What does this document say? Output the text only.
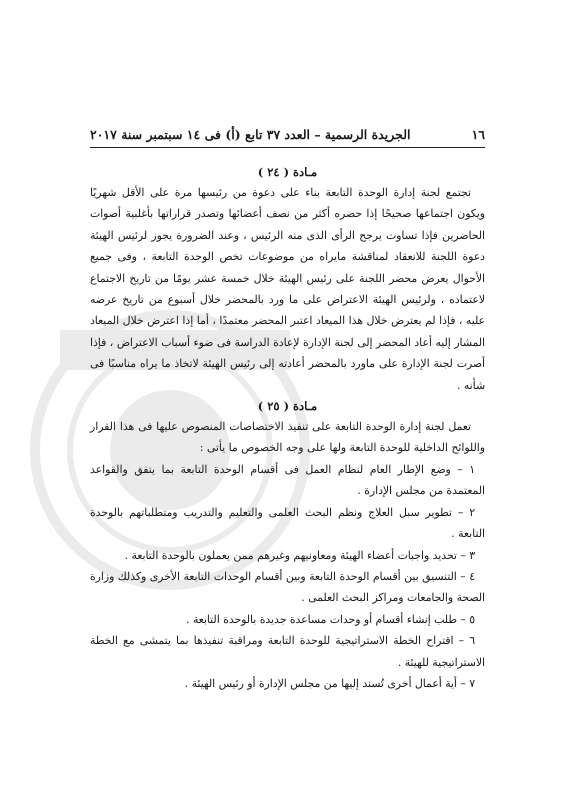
١٦
الجريدة الرسمية – العدد ٣٧ تابع (أ) فى ١٤ سبتمبر سنة ٢٠١٧
مـادة ( ٢٤ )

تجتمع لجنة إدارة الوحدة التابعة بناء على دعوة من رئيسها مرة على الأقل شهريًا ويكون اجتماعها صحيحًا إذا حضره أكثر من نصف أعضائها وتصدر قراراتها بأغلبية أصوات الحاضرين فإذا تساوت يرجح الرأى الذى منه الرئيس ، وعند الضرورة يجوز لرئيس الهيئة دعوة اللجنة للانعقاد لمناقشة مايراه من موضوعات تخص الوحدة التابعة ، وفى جميع الأحوال يعرض محضر اللجنة على رئيس الهيئة خلال خمسة عشر يومًا من تاريخ الاجتماع لاعتماده ، ولرئيس الهيئة الاعتراض على ما ورد بالمحضر خلال أسبوع من تاريخ عرضه عليه ، فإذا لم يعترض خلال هذا الميعاد اعتبر المحضر معتمدًا ، أما إذا اعترض خلال الميعاد المشار إليه أعاد المحضر إلى لجنة الإدارة لإعادة الدراسة فى ضوء أسباب الاعتراض ، فإذا أصرت لجنة الإدارة على ماورد بالمحضر أعادته إلى رئيس الهيئة لاتخاذ ما يراه مناسبًا فى شأنه .

مـادة ( ٢٥ )

تعمل لجنة إدارة الوحدة التابعة على تنفيذ الاختصاصات المنصوص عليها فى هذا القرار واللوائح الداخلية للوحدة التابعة ولها على وجه الخصوص ما يأتى :

١ – وضع الإطار العام لنظام العمل فى أقسام الوحدة التابعة بما يتفق والقواعد المعتمدة من مجلس الإدارة .

٢ – تطوير سبل العلاج ونظم البحث العلمى والتعليم والتدريب ومتطلباتهم بالوحدة التابعة .

٣ – تحديد واجبات أعضاء الهيئة ومعاونيهم وغيرهم ممن يعملون بالوحدة التابعة .

٤ – التنسيق بين أقسام الوحدة التابعة وبين أقسام الوحدات التابعة الأخرى وكذلك وزارة الصحة والجامعات ومراكز البحث العلمى .

٥ – طلب إنشاء أقسام أو وحدات مساعدة جديدة بالوحدة التابعة .

٦ – اقتراح الخطة الاستراتيجية للوحدة التابعة ومراقبة تنفيذها بما يتمشى مع الخطة الاستراتيجية للهيئة .

٧ – أية أعمال أخرى تُسند إليها من مجلس الإدارة أو رئيس الهيئة .
